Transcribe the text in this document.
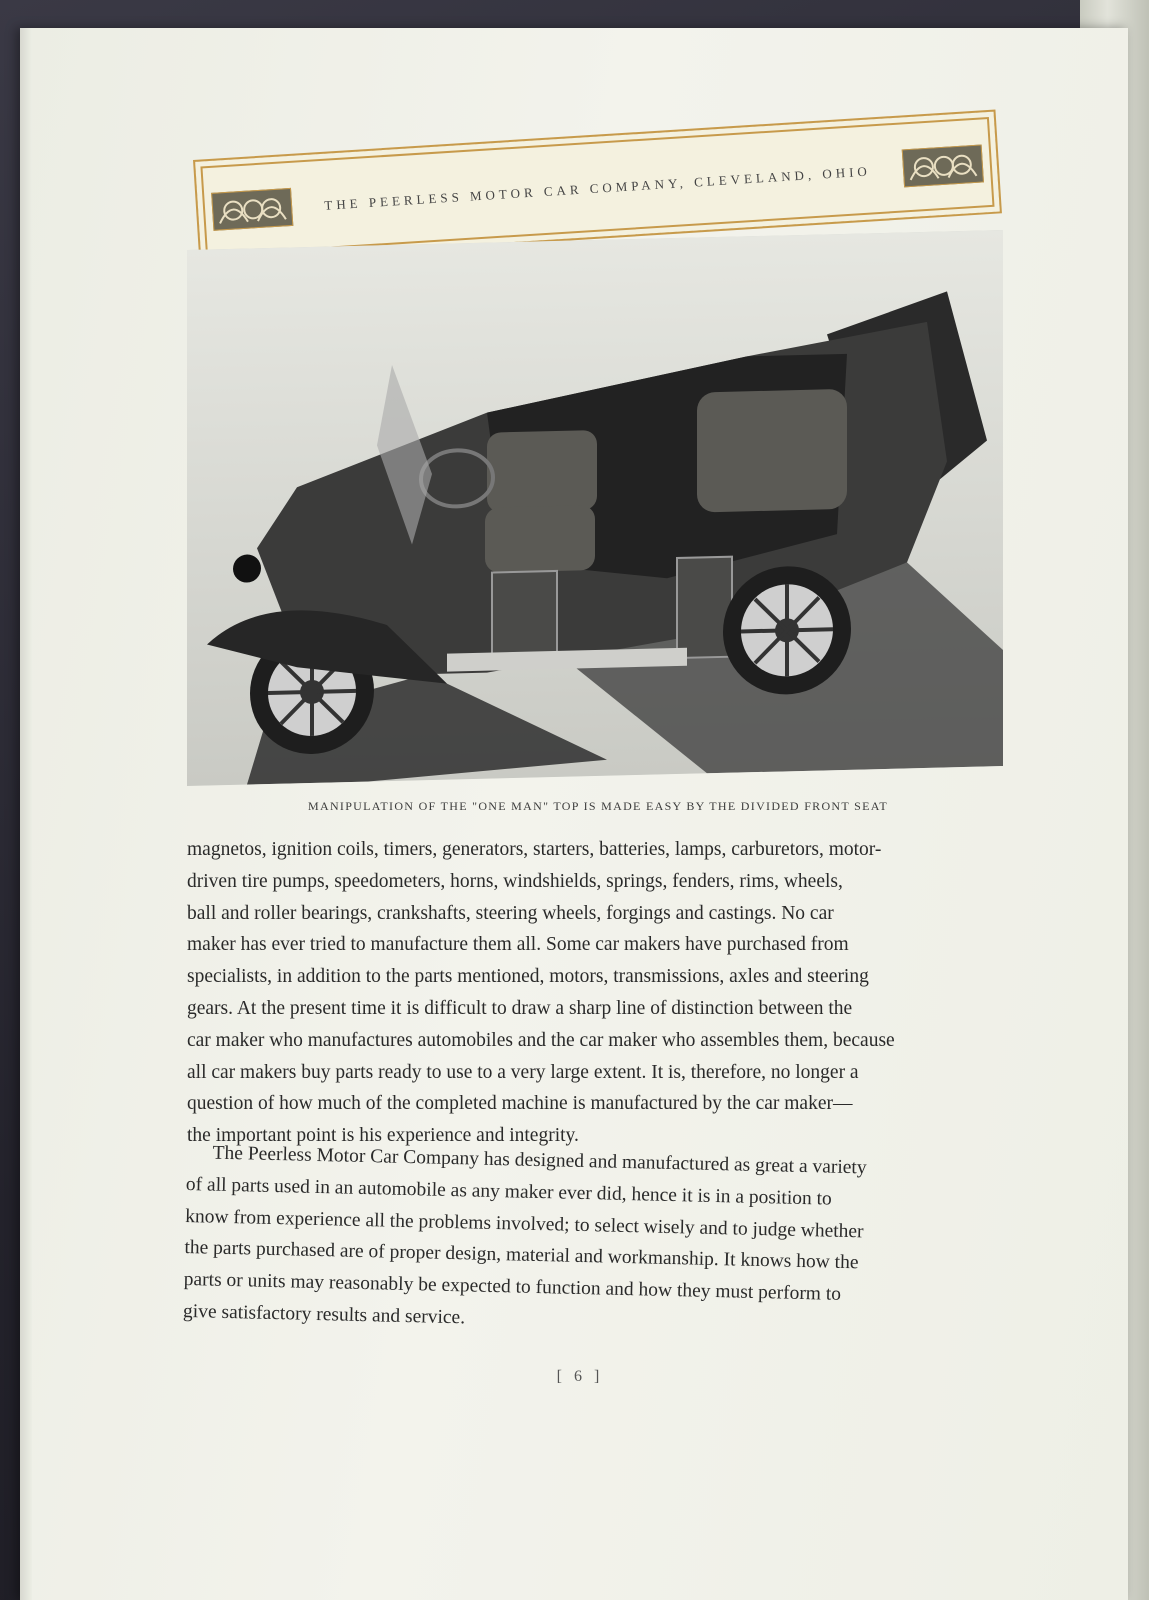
THE PEERLESS MOTOR CAR COMPANY, CLEVELAND, OHIO
MANIPULATION OF THE "ONE MAN" TOP IS MADE EASY BY THE DIVIDED FRONT SEAT
magnetos, ignition coils, timers, generators, starters, batteries, lamps, carburetors, motor-
driven tire pumps, speedometers, horns, windshields, springs, fenders, rims, wheels,
ball and roller bearings, crankshafts, steering wheels, forgings and castings. No car
maker has ever tried to manufacture them all. Some car makers have purchased from
specialists, in addition to the parts mentioned, motors, transmissions, axles and steering
gears. At the present time it is difficult to draw a sharp line of distinction between the
car maker who manufactures automobiles and the car maker who assembles them, because
all car makers buy parts ready to use to a very large extent. It is, therefore, no longer a
question of how much of the completed machine is manufactured by the car maker—
the important point is his experience and integrity.
The Peerless Motor Car Company has designed and manufactured as great a variety
of all parts used in an automobile as any maker ever did, hence it is in a position to
know from experience all the problems involved; to select wisely and to judge whether
the parts purchased are of proper design, material and workmanship. It knows how the
parts or units may reasonably be expected to function and how they must perform to
give satisfactory results and service.
[ 6 ]
